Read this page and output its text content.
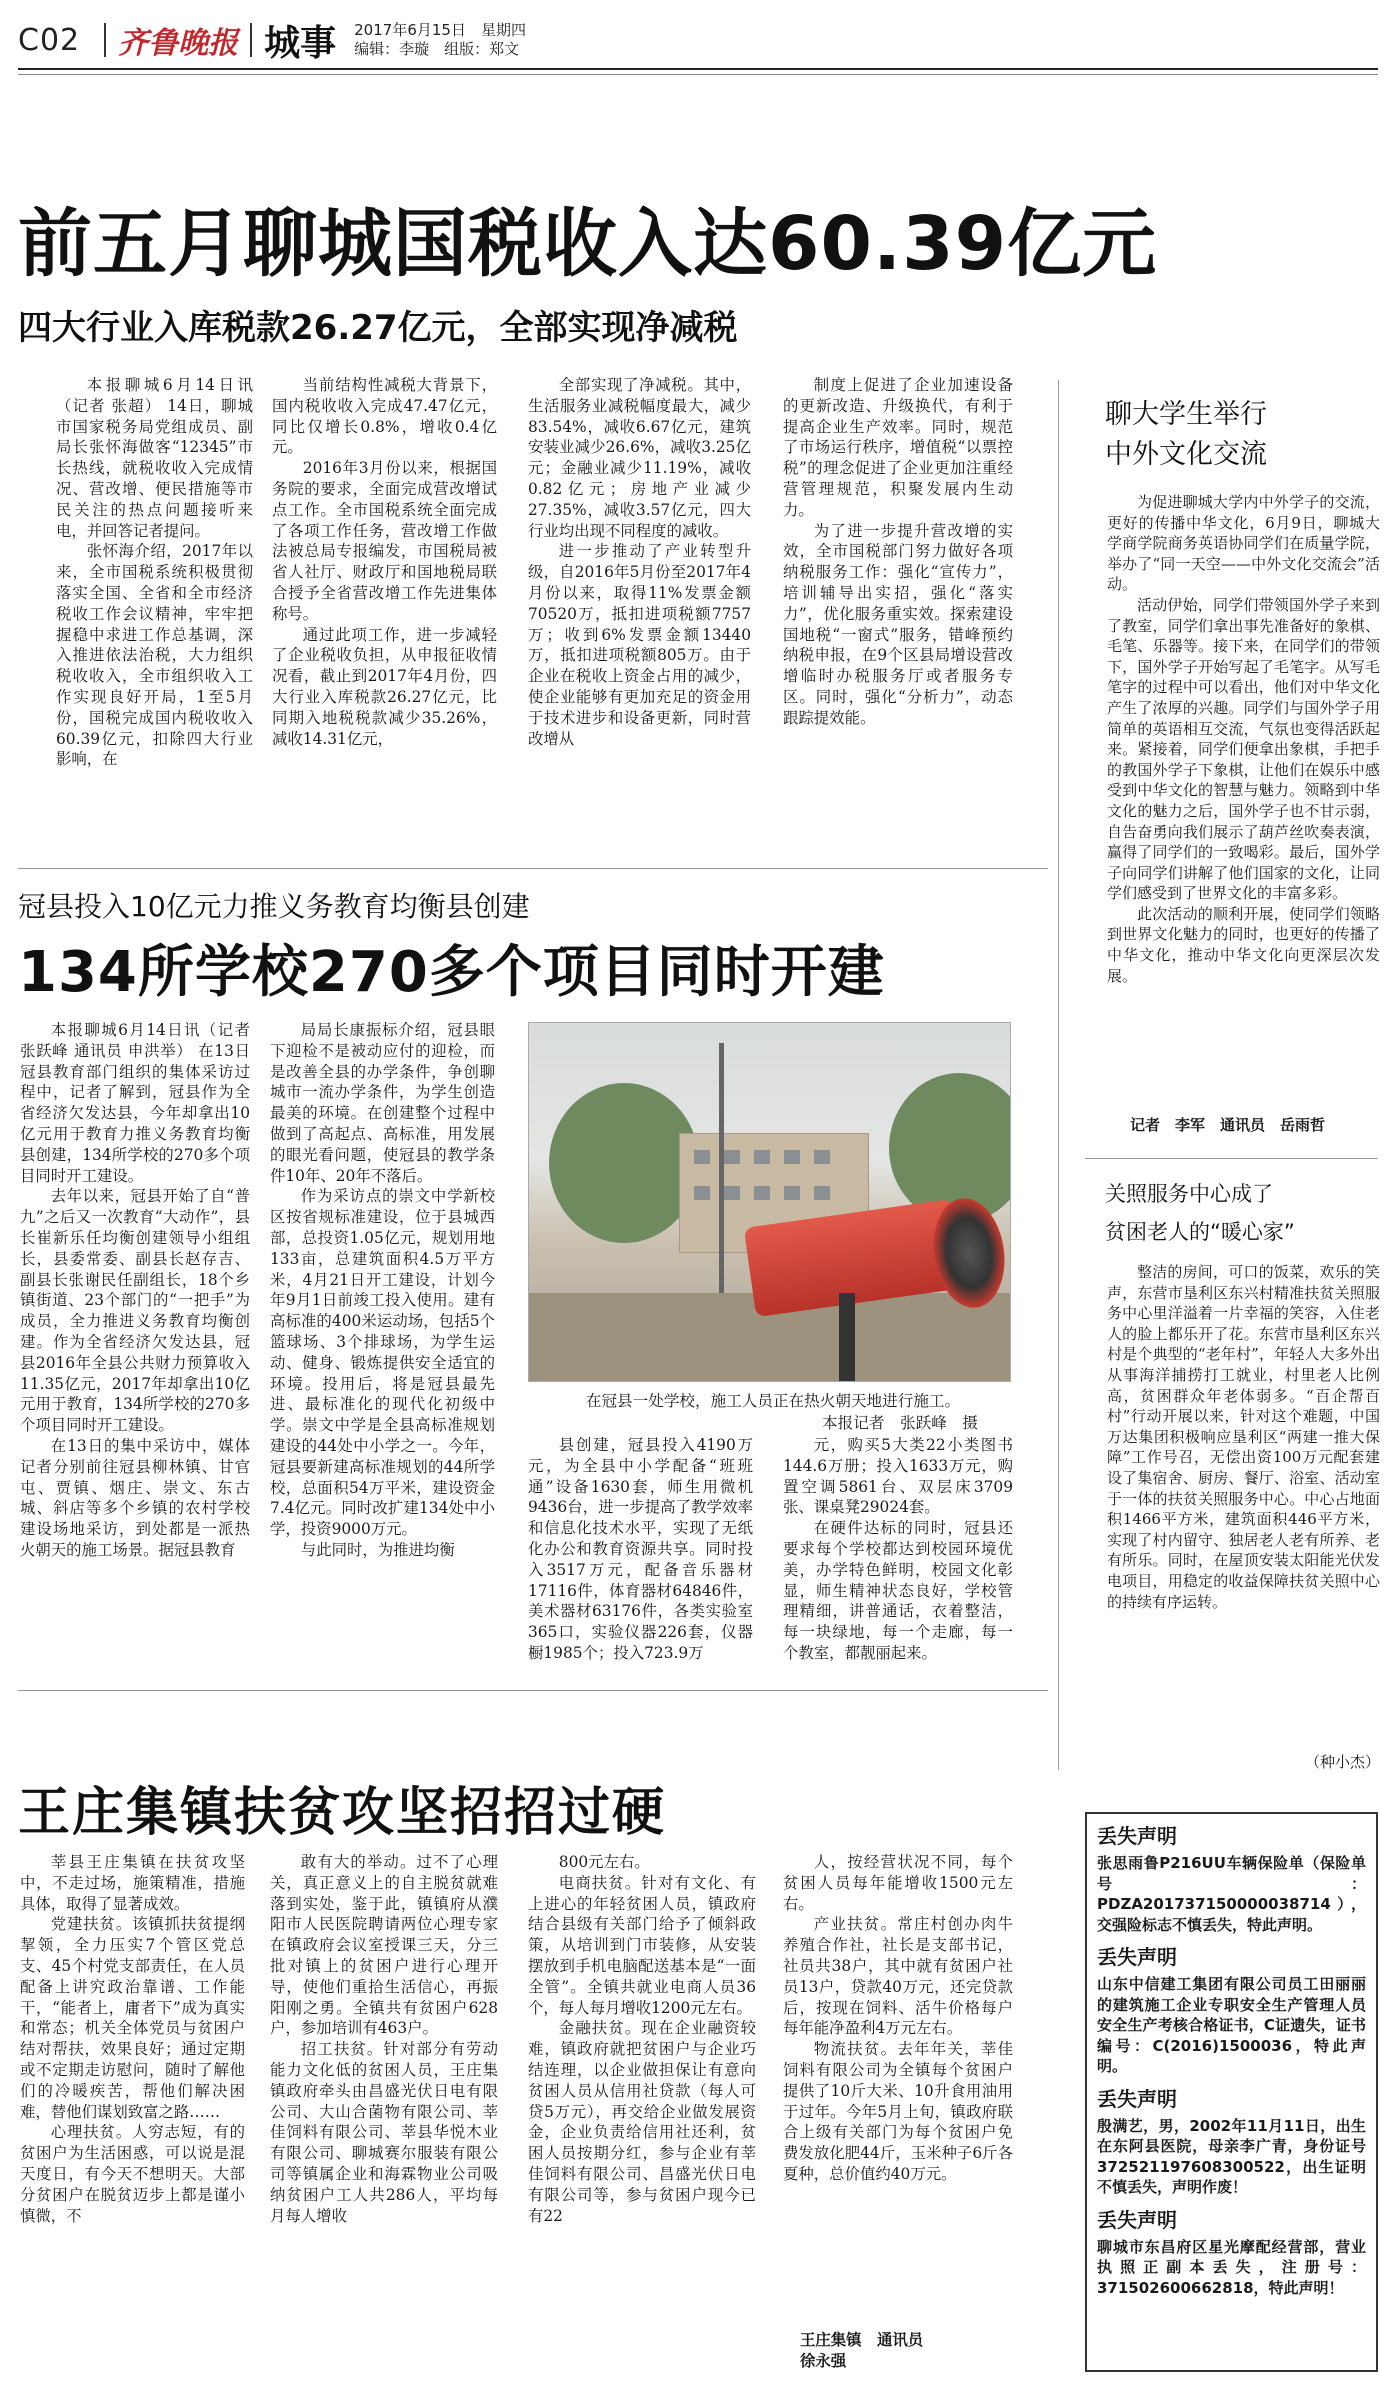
C02 齐鲁晚报 城事 2017年6月15日　星期四
编辑：李璇　组版：郑文
前五月聊城国税收入达60.39亿元
四大行业入库税款26.27亿元，全部实现净减税

本报聊城6月14日讯（记者 张超） 14日，聊城市国家税务局党组成员、副局长张怀海做客“12345”市长热线，就税收收入完成情况、营改增、便民措施等市民关注的热点问题接听来电，并回答记者提问。

张怀海介绍，2017年以来，全市国税系统积极贯彻落实全国、全省和全市经济税收工作会议精神，牢牢把握稳中求进工作总基调，深入推进依法治税，大力组织税收收入，全市组织收入工作实现良好开局，1至5月份，国税完成国内税收收入60.39亿元，扣除四大行业影响，在

当前结构性减税大背景下，国内税收收入完成47.47亿元，同比仅增长0.8%，增收0.4亿元。

2016年3月份以来，根据国务院的要求，全面完成营改增试点工作。全市国税系统全面完成了各项工作任务，营改增工作做法被总局专报编发，市国税局被省人社厅、财政厅和国地税局联合授予全省营改增工作先进集体称号。

通过此项工作，进一步减轻了企业税收负担，从申报征收情况看，截止到2017年4月份，四大行业入库税款26.27亿元，比同期入地税税款减少35.26%，减收14.31亿元，

全部实现了净减税。其中，生活服务业减税幅度最大，减少83.54%，减收6.67亿元，建筑安装业减少26.6%，减收3.25亿元；金融业减少11.19%，减收0.82亿元；房地产业减少27.35%，减收3.57亿元，四大行业均出现不同程度的减收。

进一步推动了产业转型升级，自2016年5月份至2017年4月份以来，取得11%发票金额70520万，抵扣进项税额7757万；收到6%发票金额13440万，抵扣进项税额805万。由于企业在税收上资金占用的减少，使企业能够有更加充足的资金用于技术进步和设备更新，同时营改增从

制度上促进了企业加速设备的更新改造、升级换代，有利于提高企业生产效率。同时，规范了市场运行秩序，增值税“以票控税”的理念促进了企业更加注重经营管理规范，积聚发展内生动力。

为了进一步提升营改增的实效，全市国税部门努力做好各项纳税服务工作：强化“宣传力”，培训辅导出实招，强化“落实力”，优化服务重实效。探索建设国地税“一窗式”服务，错峰预约纳税申报，在9个区县局增设营改增临时办税服务厅或者服务专区。同时，强化“分析力”，动态跟踪提效能。

冠县投入10亿元力推义务教育均衡县创建
134所学校270多个项目同时开建

本报聊城6月14日讯（记者 张跃峰 通讯员 申洪举） 在13日冠县教育部门组织的集体采访过程中，记者了解到，冠县作为全省经济欠发达县，今年却拿出10亿元用于教育力推义务教育均衡县创建，134所学校的270多个项目同时开工建设。

去年以来，冠县开始了自“普九”之后又一次教育“大动作”，县长崔新乐任均衡创建领导小组组长，县委常委、副县长赵存吉、副县长张谢民任副组长，18个乡镇街道、23个部门的“一把手”为成员，全力推进义务教育均衡创建。作为全省经济欠发达县，冠县2016年全县公共财力预算收入11.35亿元，2017年却拿出10亿元用于教育，134所学校的270多个项目同时开工建设。

在13日的集中采访中，媒体记者分别前往冠县柳林镇、甘官屯、贾镇、烟庄、崇文、东古城、斜店等多个乡镇的农村学校建设场地采访，到处都是一派热火朝天的施工场景。据冠县教育

局局长康振标介绍，冠县眼下迎检不是被动应付的迎检，而是改善全县的办学条件，争创聊城市一流办学条件，为学生创造最美的环境。在创建整个过程中做到了高起点、高标准，用发展的眼光看问题，使冠县的教学条件10年、20年不落后。

作为采访点的崇文中学新校区按省规标准建设，位于县城西部，总投资1.05亿元，规划用地133亩，总建筑面积4.5万平方米，4月21日开工建设，计划今年9月1日前竣工投入使用。建有高标准的400米运动场，包括5个篮球场、3个排球场，为学生运动、健身、锻炼提供安全适宜的环境。投用后，将是冠县最先进、最标准化的现代化初级中学。崇文中学是全县高标准规划建设的44处中小学之一。今年，冠县要新建高标准规划的44所学校，总面积54万平米，建设资金7.4亿元。同时改扩建134处中小学，投资9000万元。

与此同时，为推进均衡

在冠县一处学校，施工人员正在热火朝天地进行施工。
本报记者　张跃峰　摄

县创建，冠县投入4190万元，为全县中小学配备“班班通”设备1630套，师生用微机9436台，进一步提高了教学效率和信息化技术水平，实现了无纸化办公和教育资源共享。同时投入3517万元，配备音乐器材17116件，体育器材64846件，美术器材63176件，各类实验室365口，实验仪器226套，仪器橱1985个；投入723.9万

元，购买5大类22小类图书144.6万册；投入1633万元，购置空调5861台、双层床3709张、课桌凳29024套。

在硬件达标的同时，冠县还要求每个学校都达到校园环境优美，办学特色鲜明，校园文化彰显，师生精神状态良好，学校管理精细，讲普通话，衣着整洁，每一块绿地，每一个走廊，每一个教室，都靓丽起来。

王庄集镇扶贫攻坚招招过硬

莘县王庄集镇在扶贫攻坚中，不走过场，施策精准，措施具体，取得了显著成效。

党建扶贫。该镇抓扶贫提纲挈领，全力压实7个管区党总支、45个村党支部责任，在人员配备上讲究政治靠谱、工作能干，“能者上，庸者下”成为真实和常态；机关全体党员与贫困户结对帮扶，效果良好；通过定期或不定期走访慰问，随时了解他们的冷暖疾苦，帮他们解决困难，替他们谋划致富之路……

心理扶贫。人穷志短，有的贫困户为生活困惑，可以说是混天度日，有今天不想明天。大部分贫困户在脱贫迈步上都是谨小慎微，不

敢有大的举动。过不了心理关，真正意义上的自主脱贫就难落到实处，鉴于此，镇镇府从濮阳市人民医院聘请两位心理专家在镇政府会议室授课三天，分三批对镇上的贫困户进行心理开导，使他们重拾生活信心，再振阳刚之勇。全镇共有贫困户628户，参加培训有463户。

招工扶贫。针对部分有劳动能力文化低的贫困人员，王庄集镇政府牵头由昌盛光伏日电有限公司、大山合菌物有限公司、莘佳饲料有限公司、莘县华悦木业有限公司、聊城赛尔服装有限公司等镇属企业和海霖物业公司吸纳贫困户工人共286人，平均每月每人增收

800元左右。

电商扶贫。针对有文化、有上进心的年轻贫困人员，镇政府结合县级有关部门给予了倾斜政策，从培训到门市装修，从安装摆放到手机电脑配送基本是“一面全管”。全镇共就业电商人员36个，每人每月增收1200元左右。

金融扶贫。现在企业融资较难，镇政府就把贫困户与企业巧结连理，以企业做担保让有意向贫困人员从信用社贷款（每人可贷5万元），再交给企业做发展资金，企业负责给信用社还利，贫困人员按期分红，参与企业有莘佳饲料有限公司、昌盛光伏日电有限公司等，参与贫困户现今已有22

人，按经营状况不同，每个贫困人员每年能增收1500元左右。

产业扶贫。常庄村创办肉牛养殖合作社，社长是支部书记，社员共38户，其中就有贫困户社员13户，贷款40万元，还完贷款后，按现在饲料、活牛价格每户每年能净盈利4万元左右。

物流扶贫。去年年关，莘佳饲料有限公司为全镇每个贫困户提供了10斤大米、10升食用油用于过年。今年5月上旬，镇政府联合上级有关部门为每个贫困户免费发放化肥44斤，玉米种子6斤各夏种，总价值约40万元。

王庄集镇　通讯员
徐永强
聊大学生举行
中外文化交流

为促进聊城大学内中外学子的交流，更好的传播中华文化，6月9日，聊城大学商学院商务英语协同学们在质量学院，举办了“同一天空——中外文化交流会”活动。

活动伊始，同学们带领国外学子来到了教室，同学们拿出事先准备好的象棋、毛笔、乐器等。接下来，在同学们的带领下，国外学子开始写起了毛笔字。从写毛笔字的过程中可以看出，他们对中华文化产生了浓厚的兴趣。同学们与国外学子用简单的英语相互交流，气氛也变得活跃起来。紧接着，同学们便拿出象棋，手把手的教国外学子下象棋，让他们在娱乐中感受到中华文化的智慧与魅力。领略到中华文化的魅力之后，国外学子也不甘示弱，自告奋勇向我们展示了葫芦丝吹奏表演，赢得了同学们的一致喝彩。最后，国外学子向同学们讲解了他们国家的文化，让同学们感受到了世界文化的丰富多彩。

此次活动的顺利开展，使同学们领略到世界文化魅力的同时，也更好的传播了中华文化，推动中华文化向更深层次发展。

记者　李军　通讯员　岳雨哲
关照服务中心成了
贫困老人的“暖心家”

整洁的房间，可口的饭菜，欢乐的笑声，东营市垦利区东兴村精准扶贫关照服务中心里洋溢着一片幸福的笑容，入住老人的脸上都乐开了花。东营市垦利区东兴村是个典型的“老年村”，年轻人大多外出从事海洋捕捞打工就业，村里老人比例高，贫困群众年老体弱多。“百企帮百村”行动开展以来，针对这个难题，中国万达集团积极响应垦利区“两建一推大保障”工作号召，无偿出资100万元配套建设了集宿舍、厨房、餐厅、浴室、活动室于一体的扶贫关照服务中心。中心占地面积1466平方米，建筑面积446平方米，实现了村内留守、独居老人老有所养、老有所乐。同时，在屋顶安装太阳能光伏发电项目，用稳定的收益保障扶贫关照中心的持续有序运转。

（种小杰）
丢失声明

张思雨鲁P216UU车辆保险单（保险单号：PDZA201737150000038714），交强险标志不慎丢失，特此声明。

丢失声明

山东中信建工集团有限公司员工田丽丽的建筑施工企业专职安全生产管理人员安全生产考核合格证书，C证遗失，证书编号：C(2016)1500036，特此声明。

丢失声明

殷满艺，男，2002年11月11日，出生在东阿县医院，母亲李广青，身份证号372521197608300522，出生证明不慎丢失，声明作废！

丢失声明

聊城市东昌府区星光摩配经营部，营业执照正副本丢失，注册号：371502600662818，特此声明！
